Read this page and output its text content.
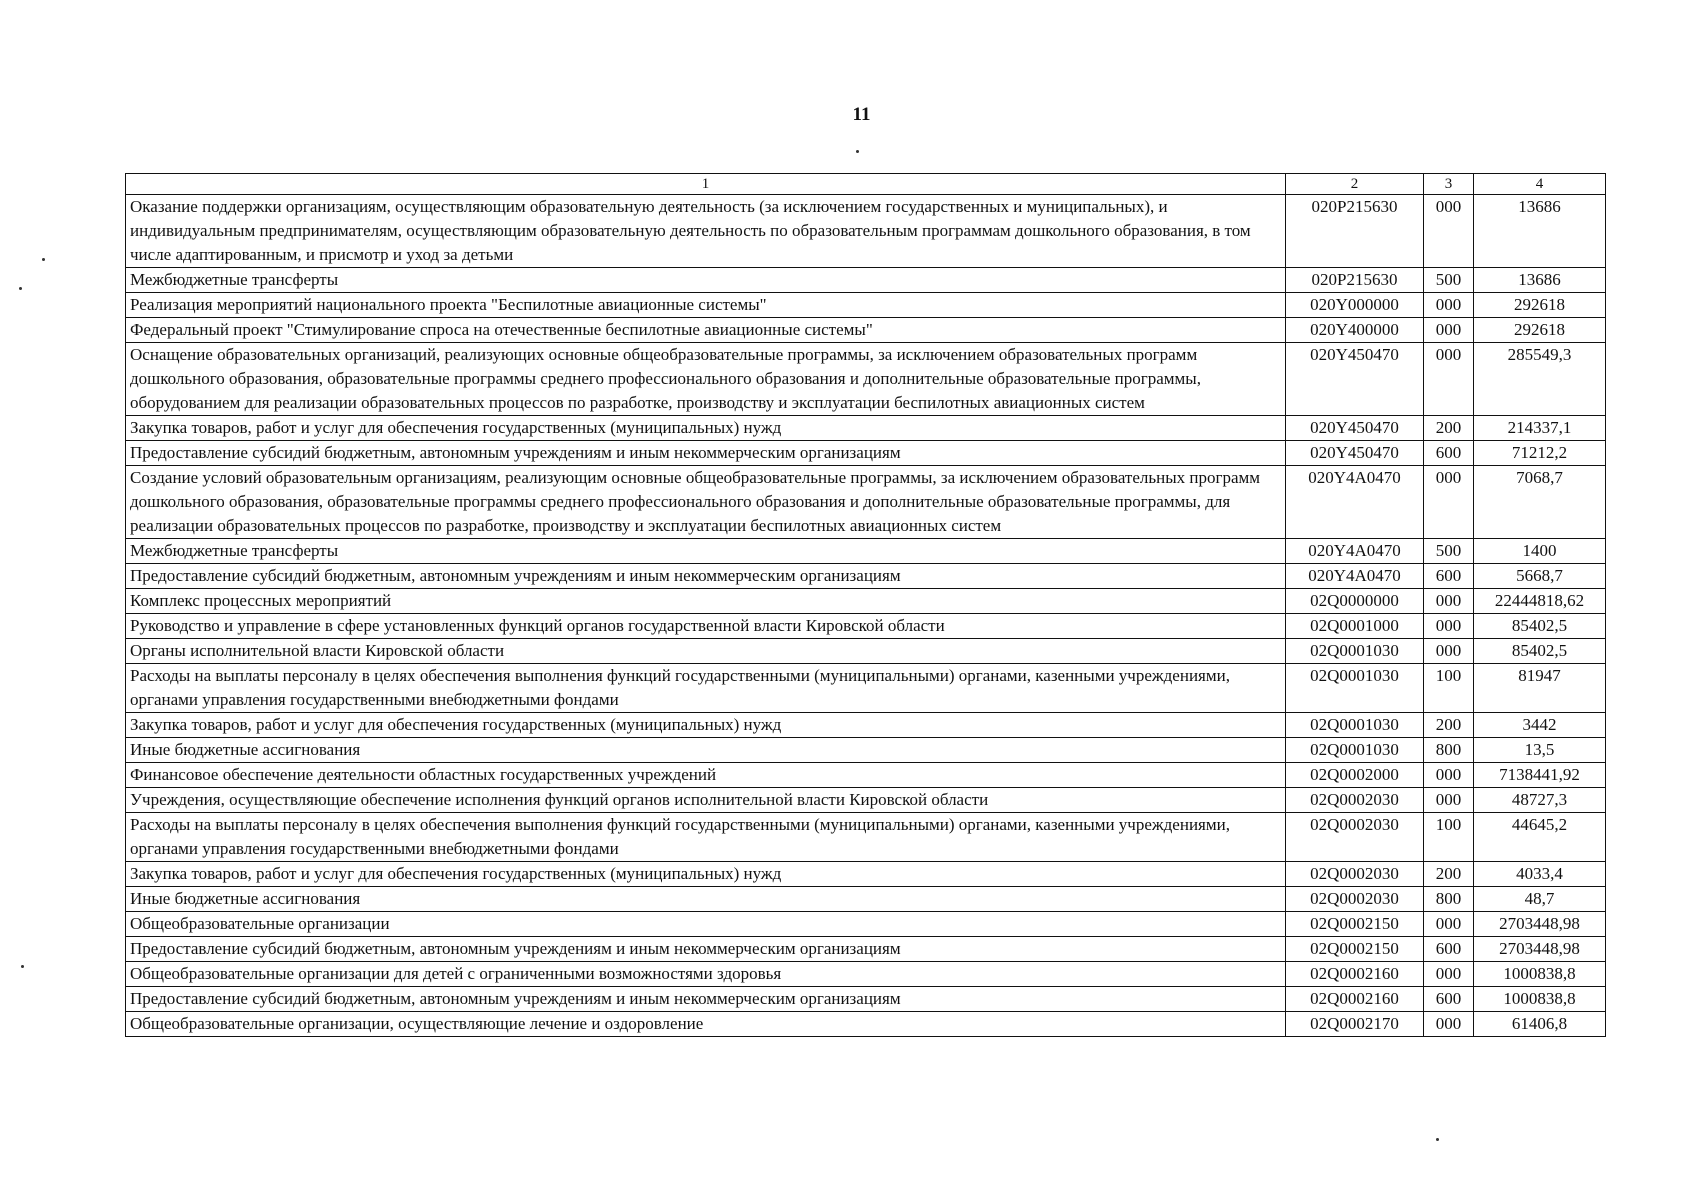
11
1	2	3	4
Оказание поддержки организациям, осуществляющим образовательную деятельность (за исключением государственных и муниципальных), и индивидуальным предпринимателям, осуществляющим образовательную деятельность по образовательным программам дошкольного образования, в том числе адаптированным, и присмотр и уход за детьми	020P215630	000	13686
Межбюджетные трансферты	020P215630	500	13686
Реализация мероприятий национального проекта "Беспилотные авиационные системы"	020Y000000	000	292618
Федеральный проект "Стимулирование спроса на отечественные беспилотные авиационные системы"	020Y400000	000	292618
Оснащение образовательных организаций, реализующих основные общеобразовательные программы, за исключением образовательных программ дошкольного образования, образовательные программы среднего профессионального образования и дополнительные образовательные программы, оборудованием для реализации образовательных процессов по разработке, производству и эксплуатации беспилотных авиационных систем	020Y450470	000	285549,3
Закупка товаров, работ и услуг для обеспечения государственных (муниципальных) нужд	020Y450470	200	214337,1
Предоставление субсидий бюджетным, автономным учреждениям и иным некоммерческим организациям	020Y450470	600	71212,2
Создание условий образовательным организациям, реализующим основные общеобразовательные программы, за исключением образовательных программ дошкольного образования, образовательные программы среднего профессионального образования и дополнительные образовательные программы, для реализации образовательных процессов по разработке, производству и эксплуатации беспилотных авиационных систем	020Y4A0470	000	7068,7
Межбюджетные трансферты	020Y4A0470	500	1400
Предоставление субсидий бюджетным, автономным учреждениям и иным некоммерческим организациям	020Y4A0470	600	5668,7
Комплекс процессных мероприятий	02Q0000000	000	22444818,62
Руководство и управление в сфере установленных функций органов государственной власти Кировской области	02Q0001000	000	85402,5
Органы исполнительной власти Кировской области	02Q0001030	000	85402,5
Расходы на выплаты персоналу в целях обеспечения выполнения функций государственными (муниципальными) органами, казенными учреждениями, органами управления государственными внебюджетными фондами	02Q0001030	100	81947
Закупка товаров, работ и услуг для обеспечения государственных (муниципальных) нужд	02Q0001030	200	3442
Иные бюджетные ассигнования	02Q0001030	800	13,5
Финансовое обеспечение деятельности областных государственных учреждений	02Q0002000	000	7138441,92
Учреждения, осуществляющие обеспечение исполнения функций органов исполнительной власти Кировской области	02Q0002030	000	48727,3
Расходы на выплаты персоналу в целях обеспечения выполнения функций государственными (муниципальными) органами, казенными учреждениями, органами управления государственными внебюджетными фондами	02Q0002030	100	44645,2
Закупка товаров, работ и услуг для обеспечения государственных (муниципальных) нужд	02Q0002030	200	4033,4
Иные бюджетные ассигнования	02Q0002030	800	48,7
Общеобразовательные организации	02Q0002150	000	2703448,98
Предоставление субсидий бюджетным, автономным учреждениям и иным некоммерческим организациям	02Q0002150	600	2703448,98
Общеобразовательные организации для детей с ограниченными возможностями здоровья	02Q0002160	000	1000838,8
Предоставление субсидий бюджетным, автономным учреждениям и иным некоммерческим организациям	02Q0002160	600	1000838,8
Общеобразовательные организации, осуществляющие лечение и оздоровление	02Q0002170	000	61406,8
